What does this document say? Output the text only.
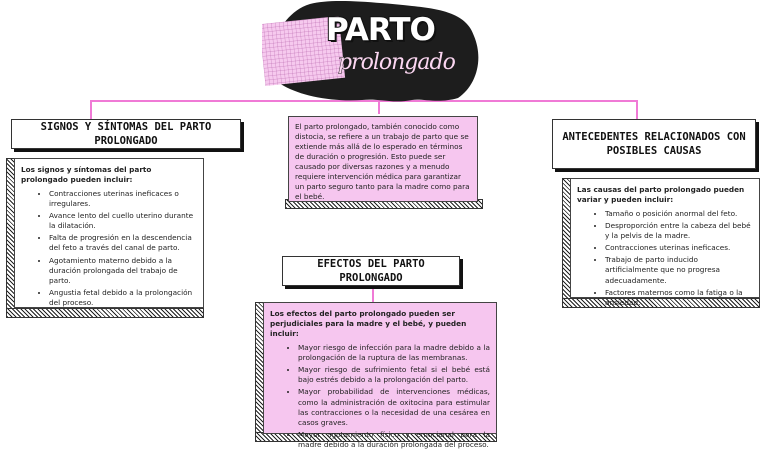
PARTO
prolongado
SIGNOS Y SÍNTOMAS DEL PARTO PROLONGADO	ANTECEDENTES RELACIONADOS CON POSIBLES CAUSAS
EFECTOS DEL PARTO PROLONGADO
El parto prolongado, también conocido como distocia, se refiere a un trabajo de parto que se extiende más allá de lo esperado en términos de duración o progresión. Esto puede ser causado por diversas razones y a menudo requiere intervención médica para garantizar un parto seguro tanto para la madre como para el bebé.
Los signos y síntomas del parto prolongado pueden incluir:
• Contracciones uterinas ineficaces o irregulares.
• Avance lento del cuello uterino durante la dilatación.
• Falta de progresión en la descendencia del feto a través del canal de parto.
• Agotamiento materno debido a la duración prolongada del trabajo de parto.
• Angustia fetal debido a la prolongación del proceso.
Las causas del parto prolongado pueden variar y pueden incluir:
• Tamaño o posición anormal del feto.
• Desproporción entre la cabeza del bebé y la pelvis de la madre.
• Contracciones uterinas ineficaces.
• Trabajo de parto inducido artificialmente que no progresa adecuadamente.
• Factores maternos como la fatiga o la ansiedad.
Los efectos del parto prolongado pueden ser perjudiciales para la madre y el bebé, y pueden incluir:
• Mayor riesgo de infección para la madre debido a la prolongación de la ruptura de las membranas.
• Mayor riesgo de sufrimiento fetal si el bebé está bajo estrés debido a la prolongación del parto.
• Mayor probabilidad de intervenciones médicas, como la administración de oxitocina para estimular las contracciones o la necesidad de una cesárea en casos graves.
• Mayor agotamiento físico y emocional para la madre debido a la duración prolongada del proceso.
